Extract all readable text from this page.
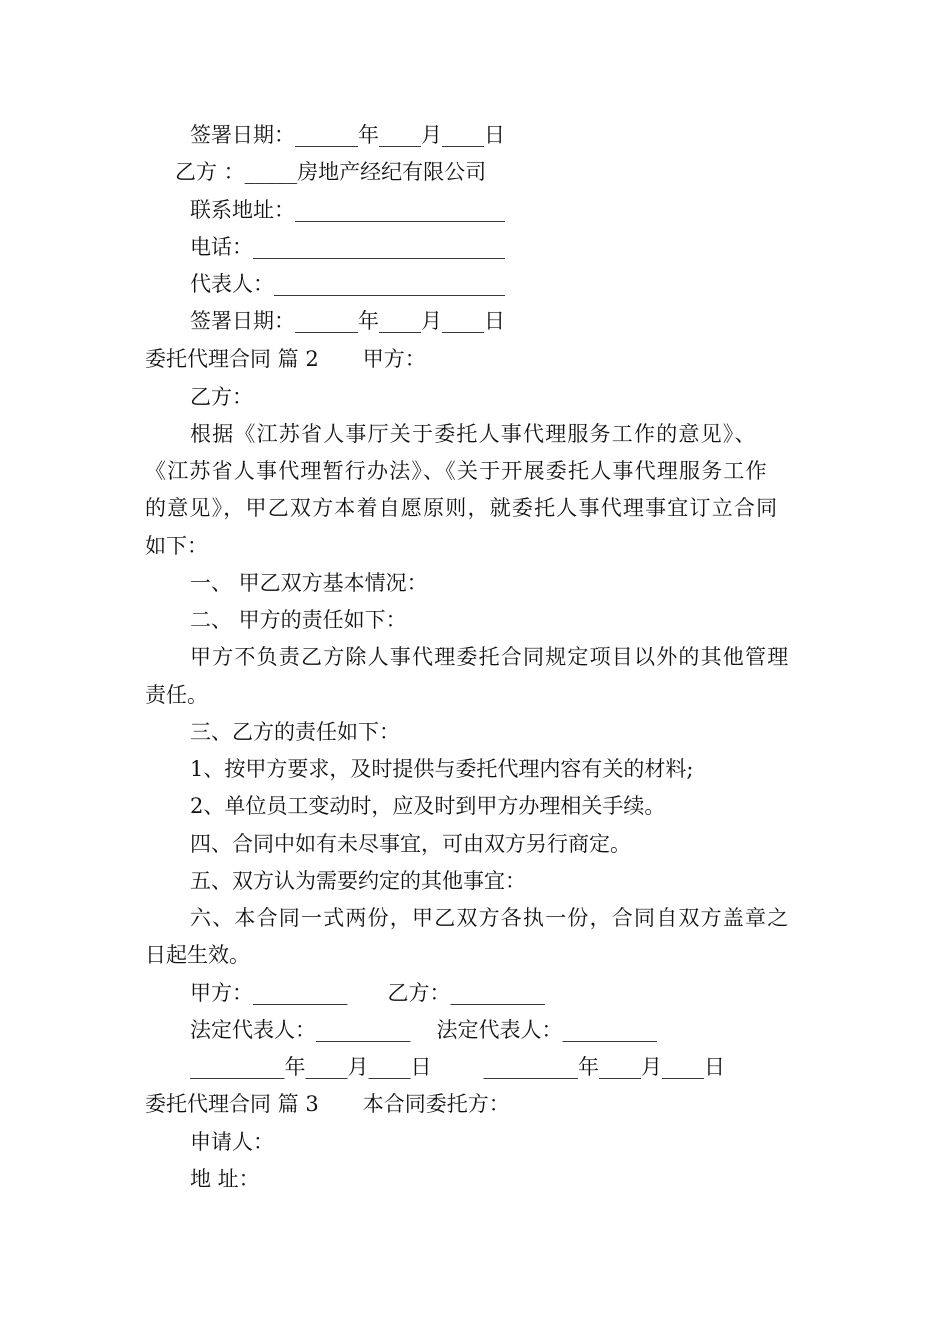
签署日期：______年____月____日
乙方 ：_____房地产经纪有限公司
联系地址：____________________
电话：________________________
代表人：______________________
签署日期：______年____月____日
委托代理合同 篇 2 甲方：
乙方：
根据《江苏省人事厅关于委托人事代理服务工作的意见》、
《江苏省人事代理暂行办法》、《关于开展委托人事代理服务工作
的意见》，甲乙双方本着自愿原则，就委托人事代理事宜订立合同
如下：
一、 甲乙双方基本情况：
二、 甲方的责任如下：
甲方不负责乙方除人事代理委托合同规定项目以外的其他管理
责任。
三、乙方的责任如下：
1、按甲方要求，及时提供与委托代理内容有关的材料;
2、单位员工变动时，应及时到甲方办理相关手续。
四、合同中如有未尽事宜，可由双方另行商定。
五、双方认为需要约定的其他事宜：
六、本合同一式两份，甲乙双方各执一份，合同自双方盖章之
日起生效。
甲方：_________ 乙方：_________
法定代表人：_________ 法定代表人：_________
_________年____月____日 _________年____月____日
委托代理合同 篇 3 本合同委托方：
申请人：
地 址：
